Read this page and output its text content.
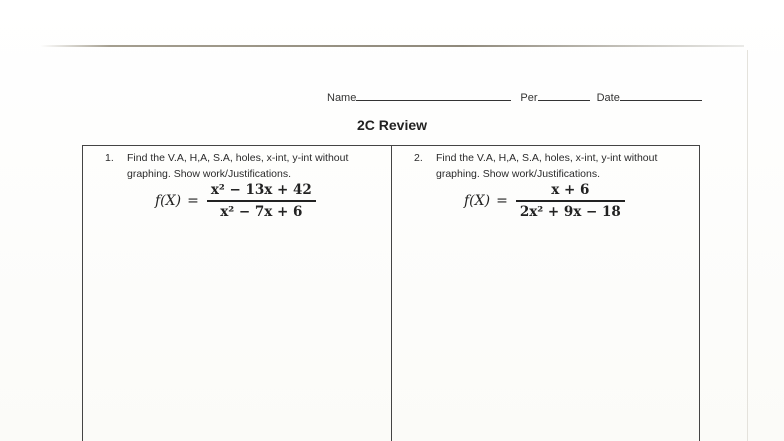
Name	Per	Date
2C Review
1. Find the V.A, H,A, S.A, holes, x-int, y-int without graphing. Show work/Justifications.
$f(X) = \frac{\text{x² − 13x + 42}}{\text{x² − 7x + 6}}$
2. Find the V.A, H,A, S.A, holes, x-int, y-int without graphing. Show work/Justifications.
$f(X) = \frac{x + 6}{\text{2x² + 9x − 18}}$
